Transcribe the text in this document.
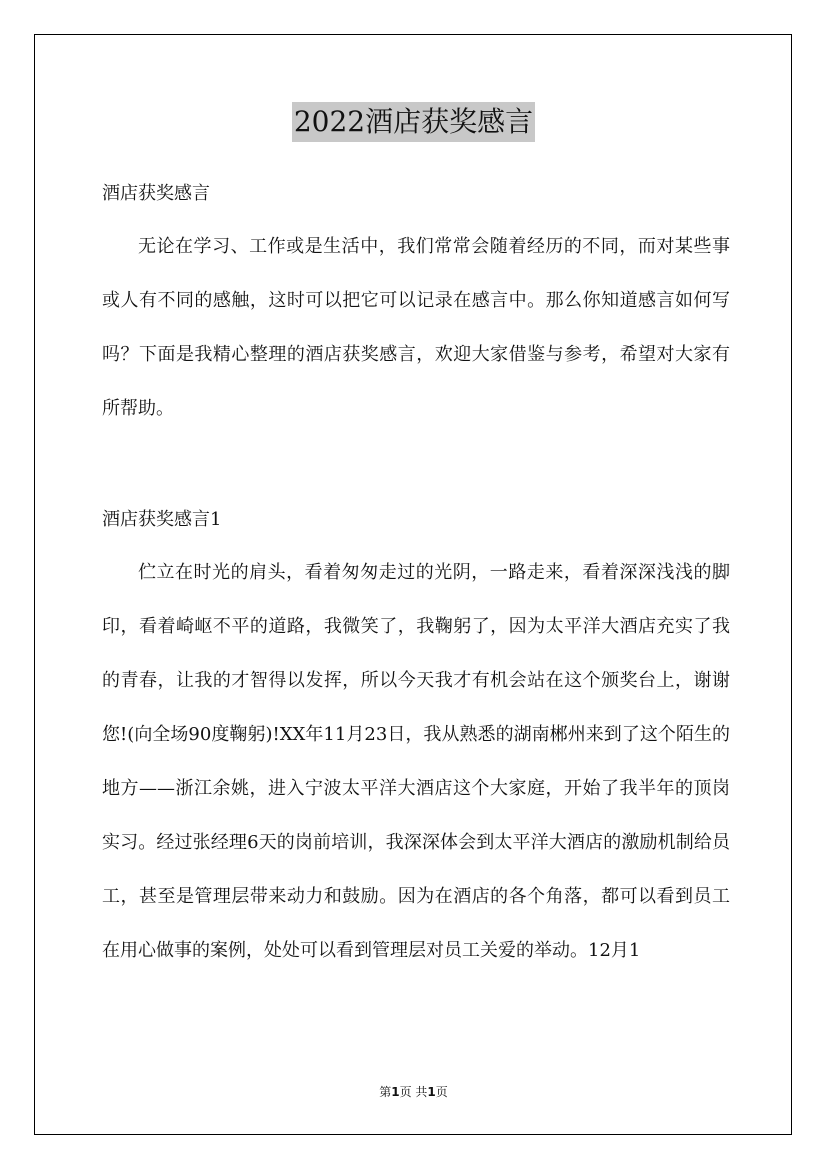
2022酒店获奖感言
酒店获奖感言

无论在学习、工作或是生活中，我们常常会随着经历的不同，而对某些事或人有不同的感触，这时可以把它可以记录在感言中。那么你知道感言如何写吗？下面是我精心整理的酒店获奖感言，欢迎大家借鉴与参考，希望对大家有所帮助。

酒店获奖感言1

伫立在时光的肩头，看着匆匆走过的光阴，一路走来，看着深深浅浅的脚印，看着崎岖不平的道路，我微笑了，我鞠躬了，因为太平洋大酒店充实了我的青春，让我的才智得以发挥，所以今天我才有机会站在这个颁奖台上，谢谢您!(向全场90度鞠躬)!XX年11月23日，我从熟悉的湖南郴州来到了这个陌生的地方——浙江余姚，进入宁波太平洋大酒店这个大家庭，开始了我半年的顶岗实习。经过张经理6天的岗前培训，我深深体会到太平洋大酒店的激励机制给员工，甚至是管理层带来动力和鼓励。因为在酒店的各个角落，都可以看到员工在用心做事的案例，处处可以看到管理层对员工关爱的举动。12月1

第1页 共1页
